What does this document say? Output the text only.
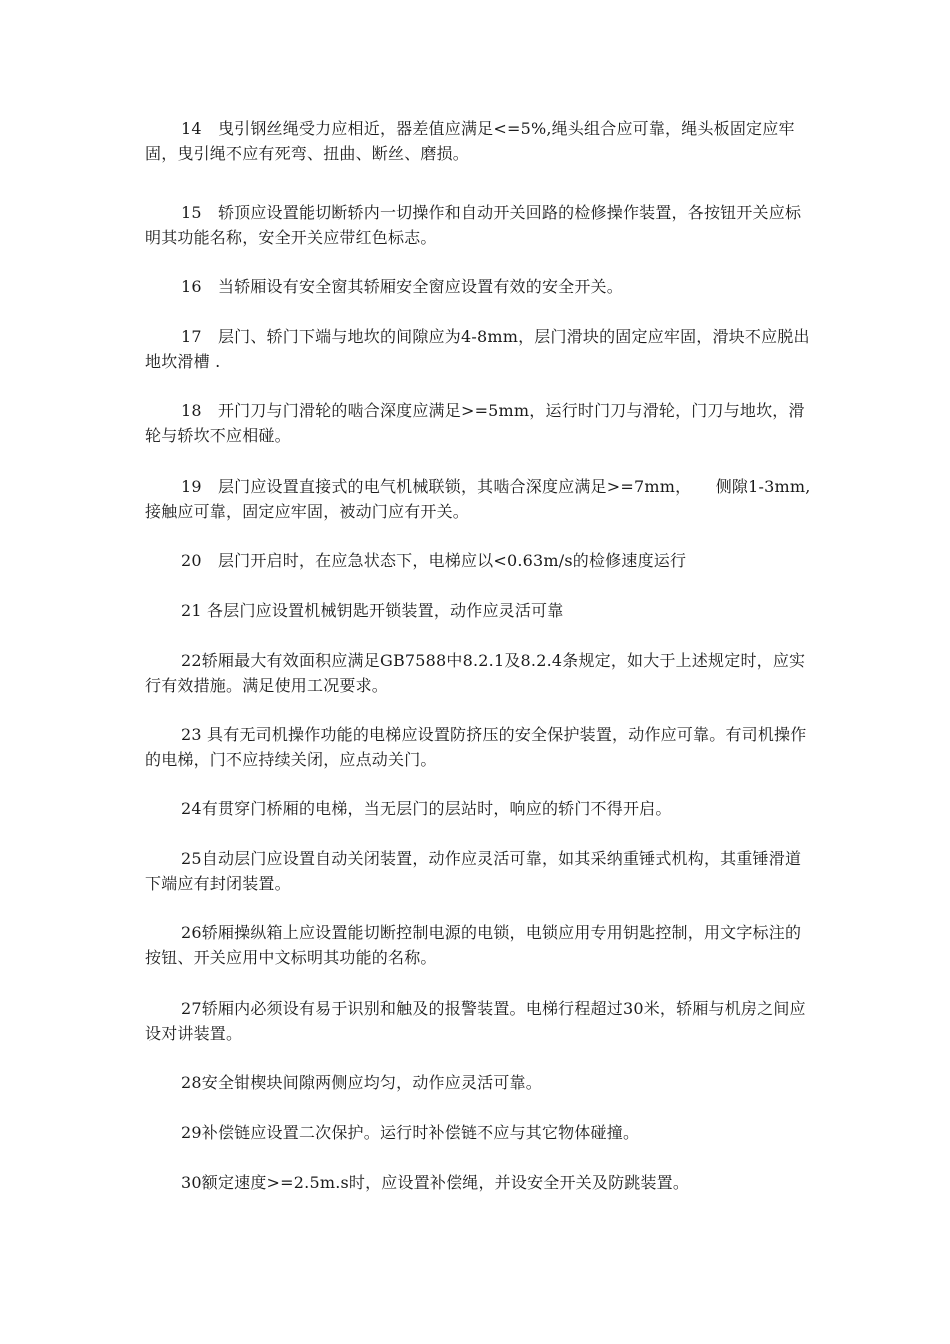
14　曳引钢丝绳受力应相近，器差值应满足<=5%,绳头组合应可靠，绳头板固定应牢固，曳引绳不应有死弯、扭曲、断丝、磨损。

15　轿顶应设置能切断轿内一切操作和自动开关回路的检修操作装置，各按钮开关应标明其功能名称，安全开关应带红色标志。

16　当轿厢设有安全窗其轿厢安全窗应设置有效的安全开关。

17　层门、轿门下端与地坎的间隙应为4-8mm，层门滑块的固定应牢固，滑块不应脱出地坎滑槽 .

18　开门刀与门滑轮的啮合深度应满足>=5mm，运行时门刀与滑轮，门刀与地坎，滑轮与轿坎不应相碰。

19　层门应设置直接式的电气机械联锁，其啮合深度应满足>=7mm，　　侧隙1-3mm,接触应可靠，固定应牢固，被动门应有开关。

20　层门开启时，在应急状态下，电梯应以<0.63m/s的检修速度运行

21 各层门应设置机械钥匙开锁装置，动作应灵活可靠

22轿厢最大有效面积应满足GB7588中8.2.1及8.2.4条规定，如大于上述规定时，应实行有效措施。满足使用工况要求。

23 具有无司机操作功能的电梯应设置防挤压的安全保护装置，动作应可靠。有司机操作的电梯，门不应持续关闭，应点动关门。

24有贯穿门桥厢的电梯，当无层门的层站时，响应的轿门不得开启。

25自动层门应设置自动关闭装置，动作应灵活可靠，如其采纳重锤式机构，其重锤滑道下端应有封闭装置。

26轿厢操纵箱上应设置能切断控制电源的电锁，电锁应用专用钥匙控制，用文字标注的按钮、开关应用中文标明其功能的名称。

27轿厢内必须设有易于识别和触及的报警装置。电梯行程超过30米，轿厢与机房之间应设对讲装置。

28安全钳楔块间隙两侧应均匀，动作应灵活可靠。

29补偿链应设置二次保护。运行时补偿链不应与其它物体碰撞。

30额定速度>=2.5m.s时，应设置补偿绳，并设安全开关及防跳装置。
